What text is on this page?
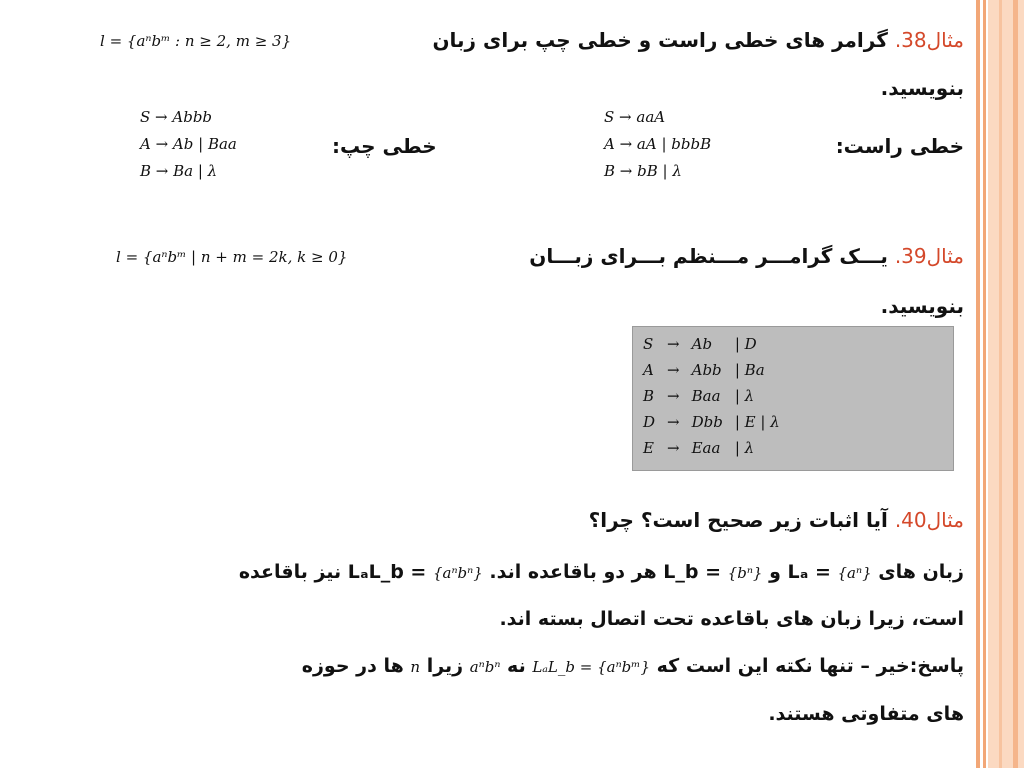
مثال38. گرامر های خطی راست و خطی چپ برای زبان
l = {aⁿbᵐ : n ≥ 2, m ≥ 3}
بنویسید.
S → Abbb
A → Ab | Baa
B → Ba | λ
خطی چپ:
S → aaA
A → aA | bbbB
B → bB | λ
خطی راست:
مثال39. یـــک گرامـــر مـــنظم بـــرای زبـــان
l = {aⁿbᵐ | n + m = 2k, k ≥ 0}
بنویسید.
S	→	Ab	| D
A	→	Abb	| Ba
B	→	Baa	| λ
D	→	Dbb	| E | λ
E	→	Eaa	| λ
مثال40. آیا اثبات زیر صحیح است؟ چرا؟
زبان های {aⁿ} = Lₐ و {bⁿ} = L_b هر دو باقاعده اند. {aⁿbⁿ} = LₐL_b نیز باقاعده
است، زیرا زبان های باقاعده تحت اتصال بسته اند.
پاسخ:خیر – تنها نکته این است که LₐL_b = {aⁿbᵐ} نه aⁿbⁿ زیرا n ها در حوزه
های متفاوتی هستند.
